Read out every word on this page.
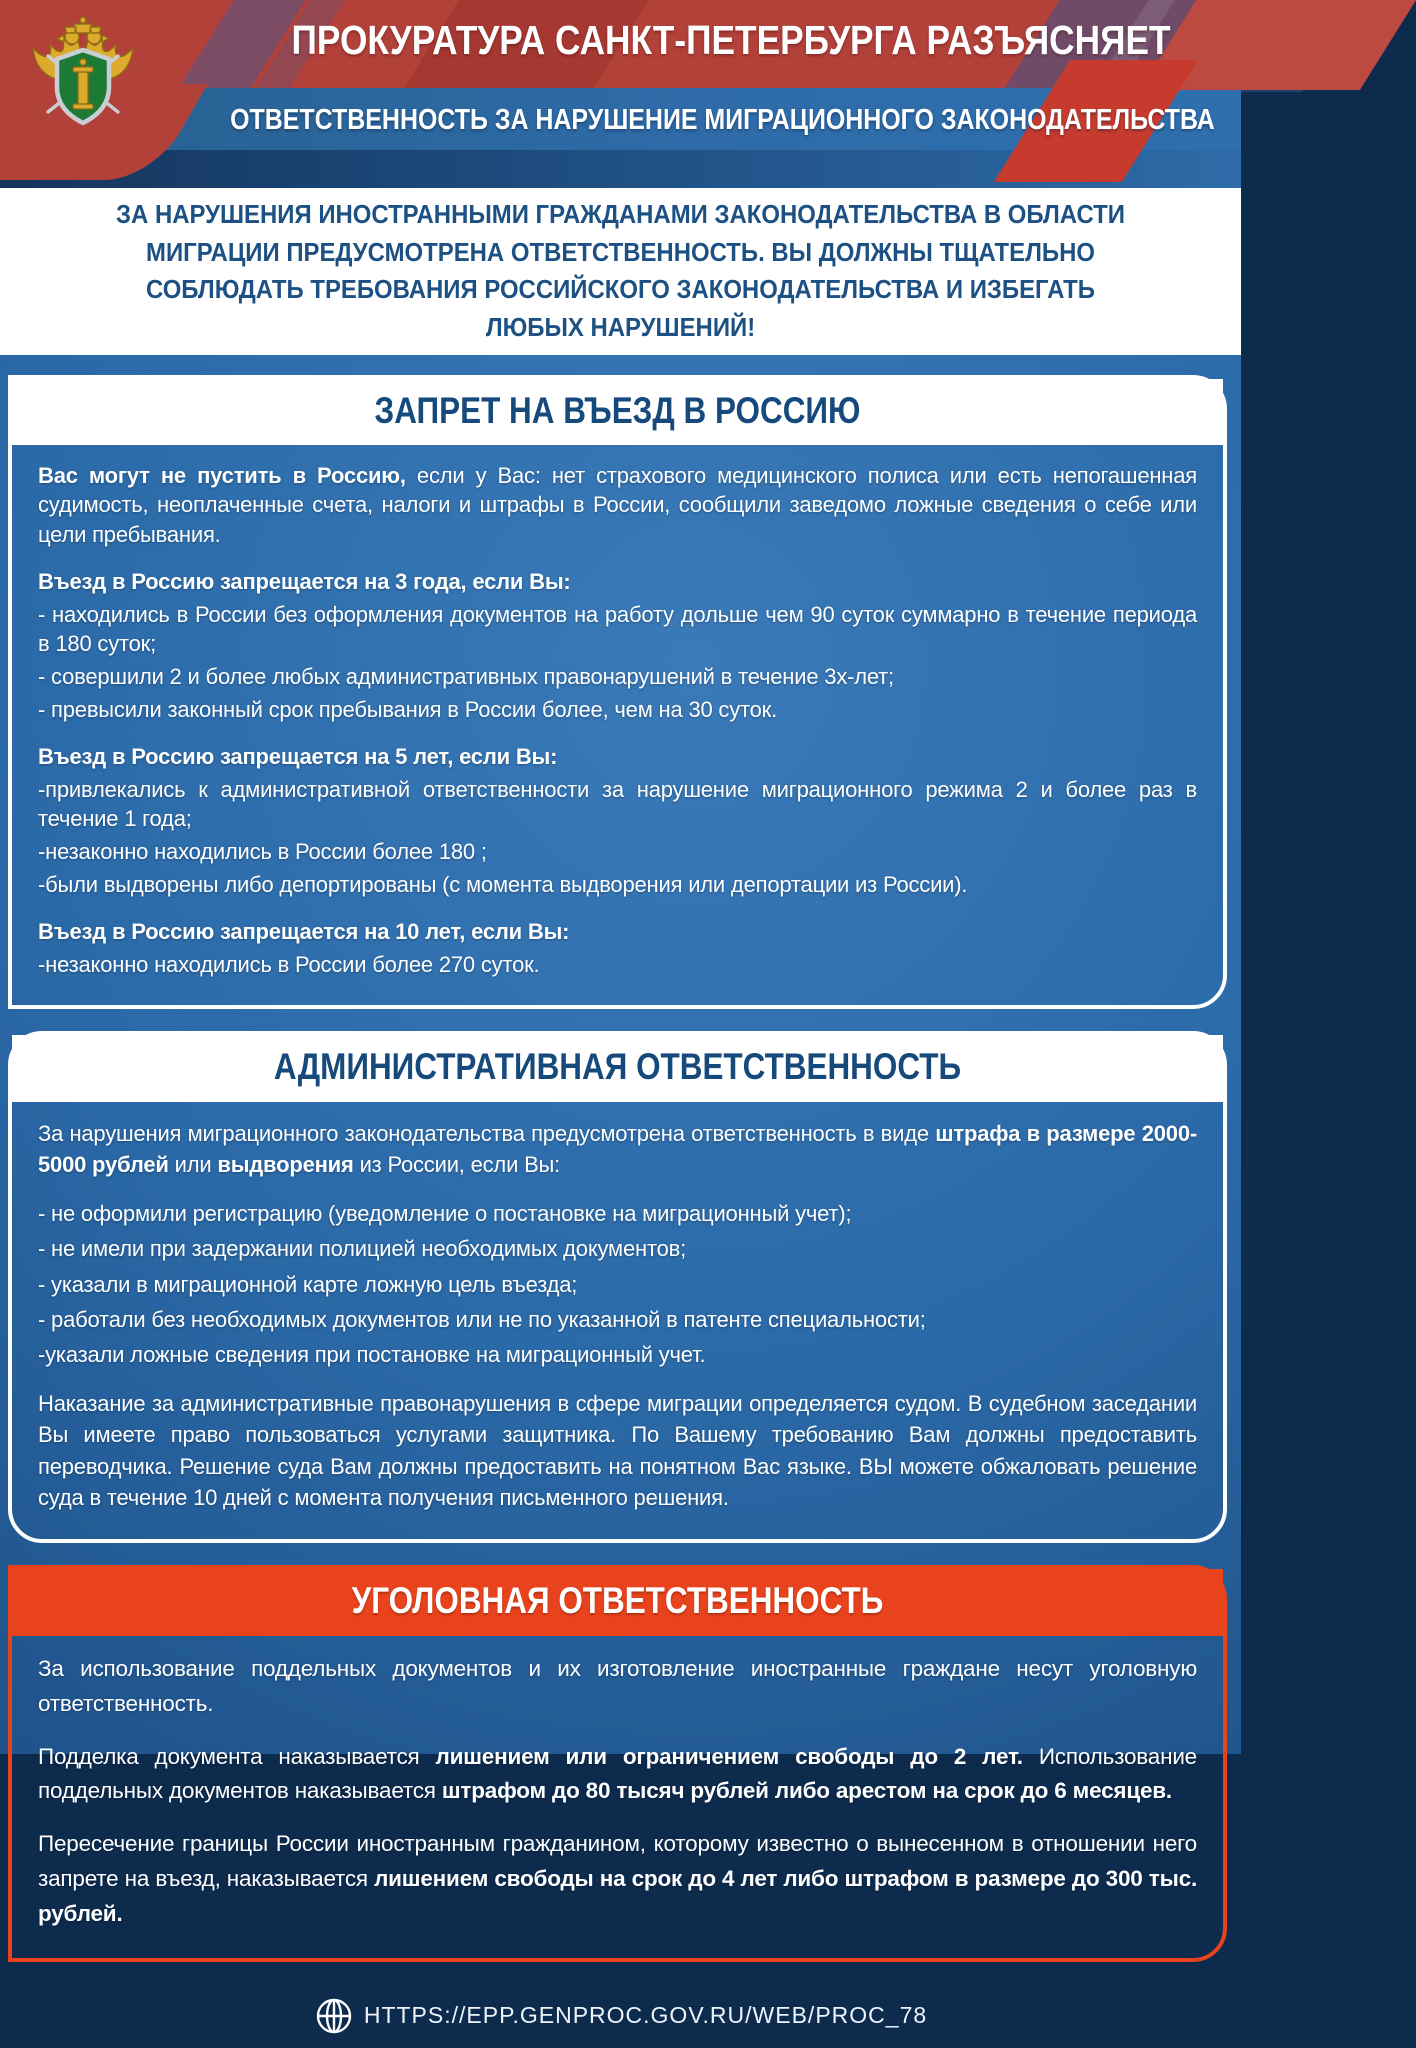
ПРОКУРАТУРА САНКТ-ПЕТЕРБУРГА РАЗЪЯСНЯЕТ
ОТВЕТСТВЕННОСТЬ ЗА НАРУШЕНИЕ МИГРАЦИОННОГО ЗАКОНОДАТЕЛЬСТВА
ЗА НАРУШЕНИЯ ИНОСТРАННЫМИ ГРАЖДАНАМИ ЗАКОНОДАТЕЛЬСТВА В ОБЛАСТИ МИГРАЦИИ ПРЕДУСМОТРЕНА ОТВЕТСТВЕННОСТЬ. ВЫ ДОЛЖНЫ ТЩАТЕЛЬНО СОБЛЮДАТЬ ТРЕБОВАНИЯ РОССИЙСКОГО ЗАКОНОДАТЕЛЬСТВА И ИЗБЕГАТЬ ЛЮБЫХ НАРУШЕНИЙ!
ЗАПРЕТ НА ВЪЕЗД В РОССИЮ

Вас могут не пустить в Россию, если у Вас: нет страхового медицинского полиса или есть непогашенная судимость, неоплаченные счета, налоги и штрафы в России, сообщили заведомо ложные сведения о себе или цели пребывания.

Въезд в Россию запрещается на 3 года, если Вы:

- находились в России без оформления документов на работу дольше чем 90 суток суммарно в течение периода в 180 суток;

- совершили 2 и более любых административных правонарушений в течение 3х-лет;

- превысили законный срок пребывания в России более, чем на 30 суток.

Въезд в Россию запрещается на 5 лет, если Вы:

-привлекались к административной ответственности за нарушение миграционного режима 2 и более раз в течение 1 года;

-незаконно находились в России более 180 ;

-были выдворены либо депортированы (с момента выдворения или депортации из России).

Въезд в Россию запрещается на 10 лет, если Вы:

-незаконно находились в России более 270 суток.

АДМИНИСТРАТИВНАЯ ОТВЕТСТВЕННОСТЬ

За нарушения миграционного законодательства предусмотрена ответственность в виде штрафа в размере 2000-5000 рублей или выдворения из России, если Вы:

- не оформили регистрацию (уведомление о постановке на миграционный учет);

- не имели при задержании полицией необходимых документов;

- указали в миграционной карте ложную цель въезда;

- работали без необходимых документов или не по указанной в патенте специальности;

-указали ложные сведения при постановке на миграционный учет.

Наказание за административные правонарушения в сфере миграции определяется судом. В судебном заседании Вы имеете право пользоваться услугами защитника. По Вашему требованию Вам должны предоставить переводчика. Решение суда Вам должны предоставить на понятном Вас языке. ВЫ можете обжаловать решение суда в течение 10 дней с момента получения письменного решения.

УГОЛОВНАЯ ОТВЕТСТВЕННОСТЬ

За использование поддельных документов и их изготовление иностранные граждане несут уголовную ответственность.

Подделка документа наказывается лишением или ограничением свободы до 2 лет. Использование поддельных документов наказывается штрафом до 80 тысяч рублей либо арестом на срок до 6 месяцев.

Пересечение границы России иностранным гражданином, которому известно о вынесенном в отношении него запрете на въезд, наказывается лишением свободы на срок до 4 лет либо штрафом в размере до 300 тыс. рублей.

HTTPS://EPP.GENPROC.GOV.RU/WEB/PROC_78
